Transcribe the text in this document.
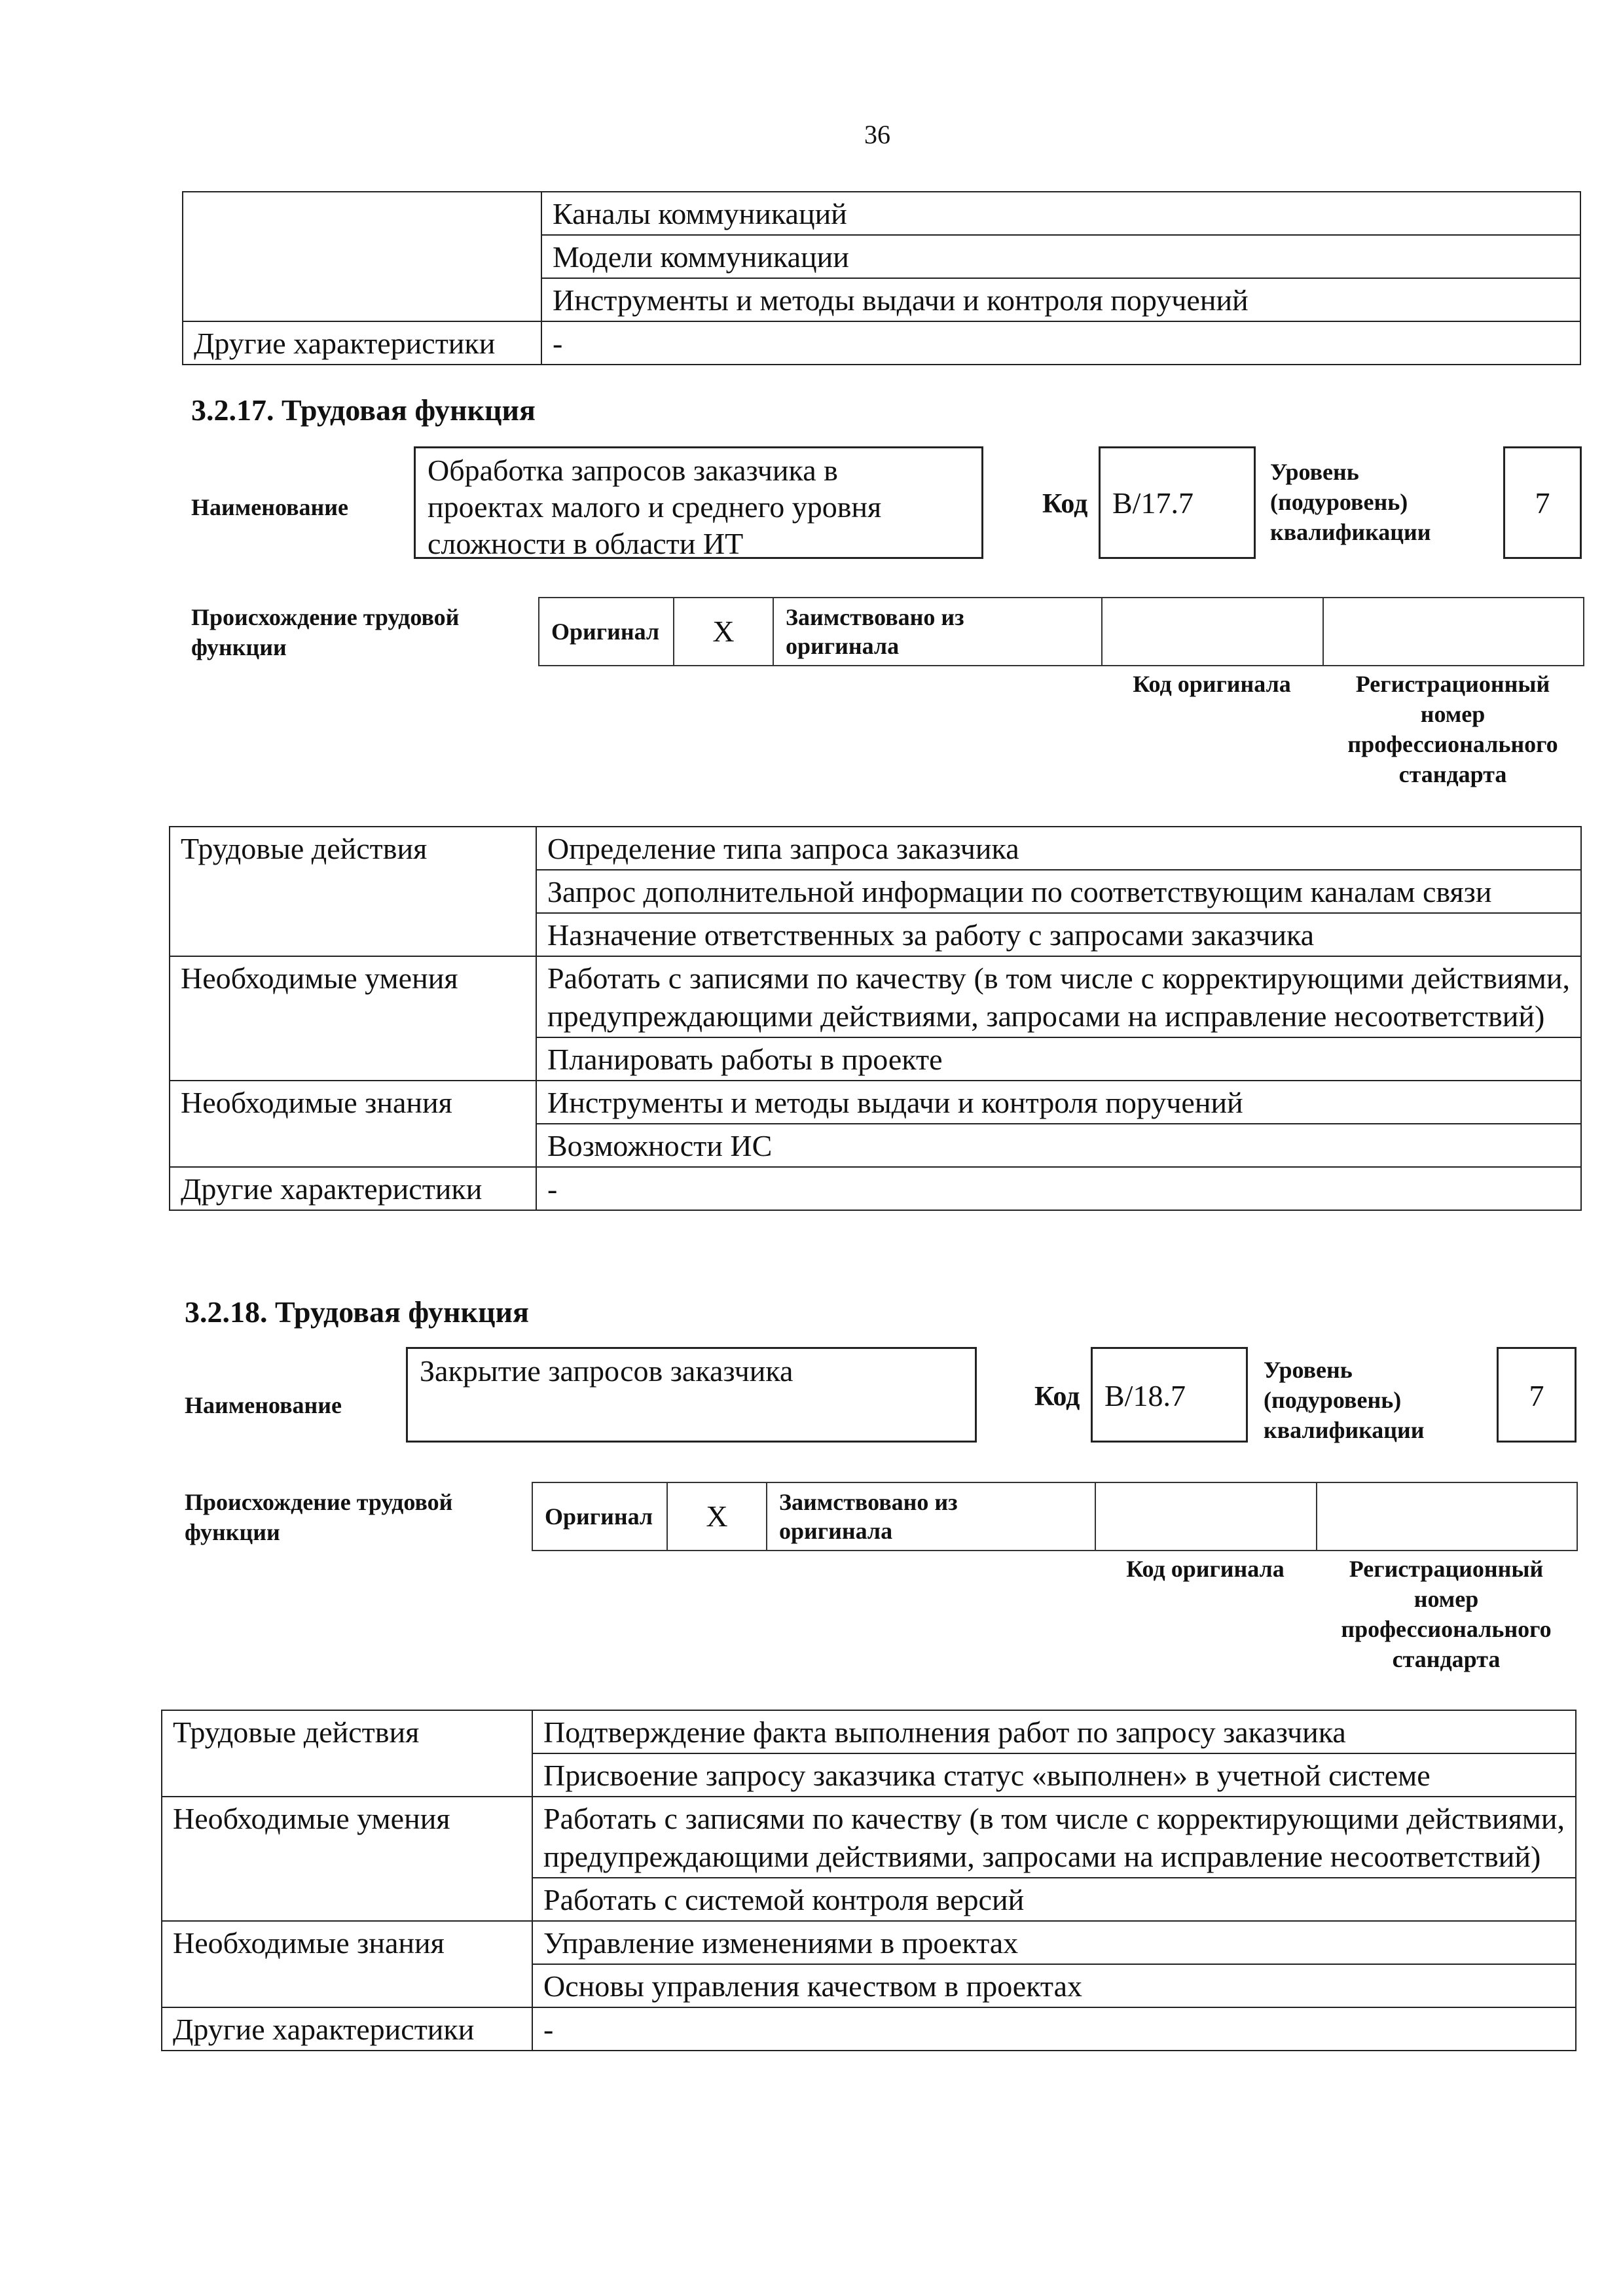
36
	Каналы коммуникаций
	Модели коммуникации
	Инструменты и методы выдачи и контроля поручений
Другие характеристики	-
3.2.17. Трудовая функция
Наименование
Обработка запросов заказчика в
проектах малого и среднего уровня
сложности в области ИТ
Код B/17.7
Уровень
(подуровень)
квалификации
7
Происхождение трудовой
функции
Оригинал	X	Заимствовано из
оригинала

Код оригинала	Регистрационный
номер
профессионального
стандарта
Трудовые действия	Определение типа запроса заказчика
	Запрос дополнительной информации по соответствующим каналам связи
	Назначение ответственных за работу с запросами заказчика
Необходимые умения	Работать с записями по качеству (в том числе с корректирующими действиями, предупреждающими действиями, запросами на исправление несоответствий)
	Планировать работы в проекте
Необходимые знания	Инструменты и методы выдачи и контроля поручений
	Возможности ИС
Другие характеристики	-
3.2.18. Трудовая функция
Наименование
Закрытие запросов заказчика
Код B/18.7
Уровень
(подуровень)
квалификации
7
Происхождение трудовой
функции
Оригинал	X	Заимствовано из
оригинала

Код оригинала	Регистрационный
номер
профессионального
стандарта
Трудовые действия	Подтверждение факта выполнения работ по запросу заказчика
	Присвоение запросу заказчика статус «выполнен» в учетной системе
Необходимые умения	Работать с записями по качеству (в том числе с корректирующими действиями, предупреждающими действиями, запросами на исправление несоответствий)
	Работать с системой контроля версий
Необходимые знания	Управление изменениями в проектах
	Основы управления качеством в проектах
Другие характеристики	-
